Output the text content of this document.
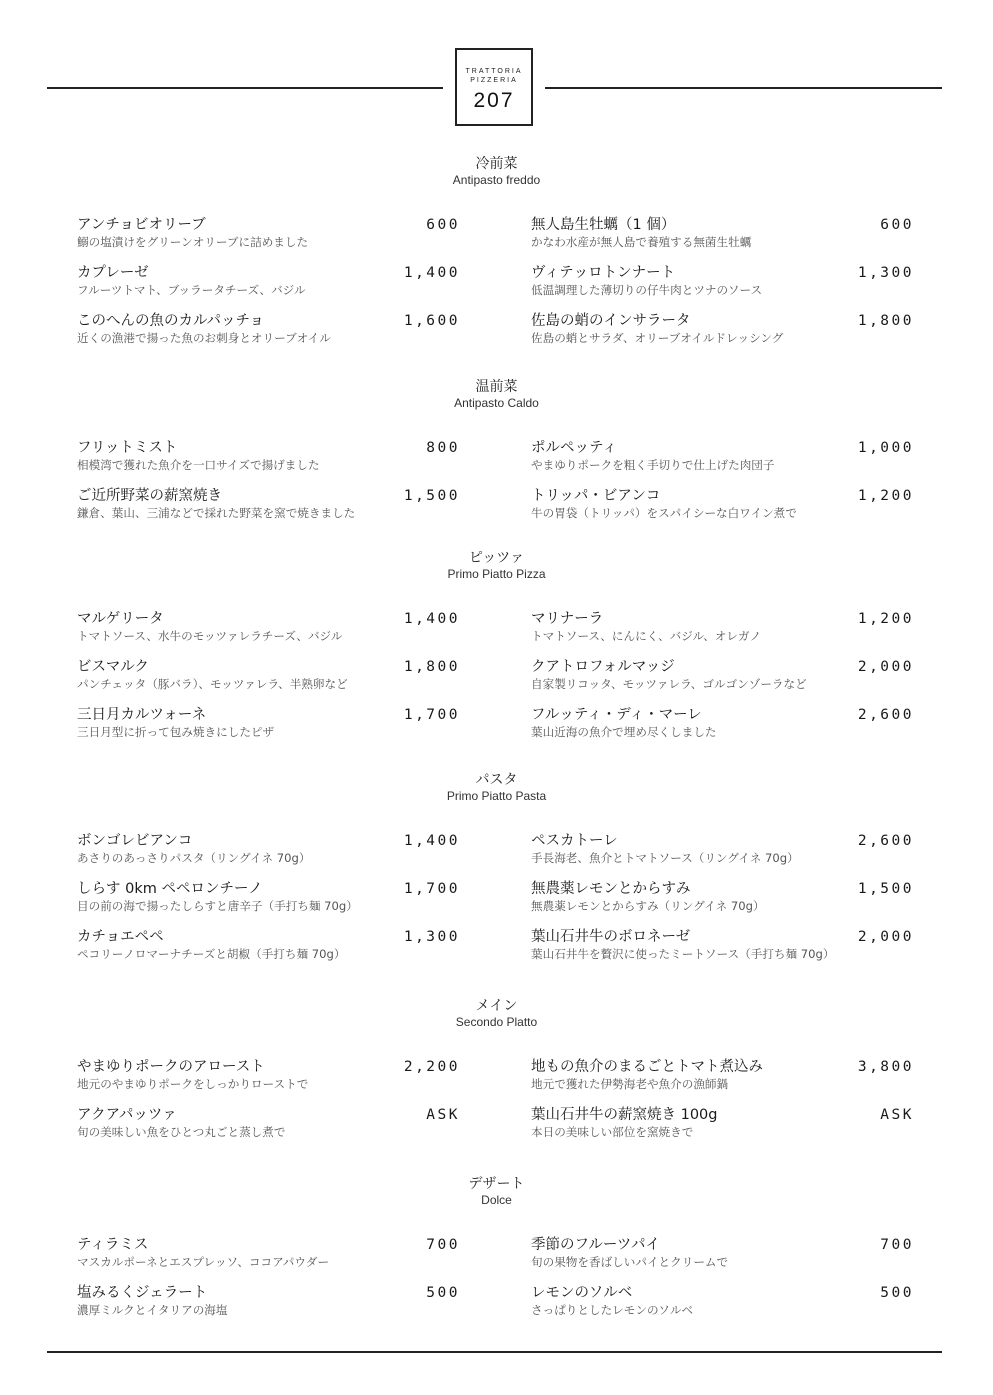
TRATTORIA
PIZZERIA
207
冷前菜
Antipasto freddo
アンチョビオリーブ	600
鰯の塩漬けをグリーンオリーブに詰めました
無人島生牡蠣（1 個）	600
かなわ水産が無人島で養殖する無菌生牡蠣
カプレーゼ	1,400
フルーツトマト、ブッラータチーズ、バジル
ヴィテッロトンナート	1,300
低温調理した薄切りの仔牛肉とツナのソース
このへんの魚のカルパッチョ	1,600
近くの漁港で揚った魚のお刺身とオリーブオイル
佐島の蛸のインサラータ	1,800
佐島の蛸とサラダ、オリーブオイルドレッシング
温前菜
Antipasto Caldo
フリットミスト	800
相模湾で獲れた魚介を一口サイズで揚げました
ポルペッティ	1,000
やまゆりポークを粗く手切りで仕上げた肉団子
ご近所野菜の薪窯焼き	1,500
鎌倉、葉山、三浦などで採れた野菜を窯で焼きました
トリッパ・ビアンコ	1,200
牛の胃袋（トリッパ）をスパイシーな白ワイン煮で
ピッツァ
Primo Piatto Pizza
マルゲリータ	1,400
トマトソース、水牛のモッツァレラチーズ、バジル
マリナーラ	1,200
トマトソース、にんにく、バジル、オレガノ
ビスマルク	1,800
パンチェッタ（豚バラ）、モッツァレラ、半熟卵など
クアトロフォルマッジ	2,000
自家製リコッタ、モッツァレラ、ゴルゴンゾーラなど
三日月カルツォーネ	1,700
三日月型に折って包み焼きにしたピザ
フルッティ・ディ・マーレ	2,600
葉山近海の魚介で埋め尽くしました
パスタ
Primo Piatto Pasta
ボンゴレビアンコ	1,400
あさりのあっさりパスタ（リングイネ 70g）
ペスカトーレ	2,600
手長海老、魚介とトマトソース（リングイネ 70g）
しらす 0km ペペロンチーノ	1,700
目の前の海で揚ったしらすと唐辛子（手打ち麺 70g）
無農薬レモンとからすみ	1,500
無農薬レモンとからすみ（リングイネ 70g）
カチョエペペ	1,300
ペコリーノロマーナチーズと胡椒（手打ち麺 70g）
葉山石井牛のボロネーゼ	2,000
葉山石井牛を贅沢に使ったミートソース（手打ち麺 70g）
メイン
Secondo Platto
やまゆりポークのアロースト	2,200
地元のやまゆりポークをしっかりローストで
地もの魚介のまるごとトマト煮込み	3,800
地元で獲れた伊勢海老や魚介の漁師鍋
アクアパッツァ	ASK
旬の美味しい魚をひとつ丸ごと蒸し煮で
葉山石井牛の薪窯焼き 100g	ASK
本日の美味しい部位を窯焼きで
デザート
Dolce
ティラミス	700
マスカルポーネとエスプレッソ、ココアパウダー
季節のフルーツパイ	700
旬の果物を香ばしいパイとクリームで
塩みるくジェラート	500
濃厚ミルクとイタリアの海塩
レモンのソルベ	500
さっぱりとしたレモンのソルベ
